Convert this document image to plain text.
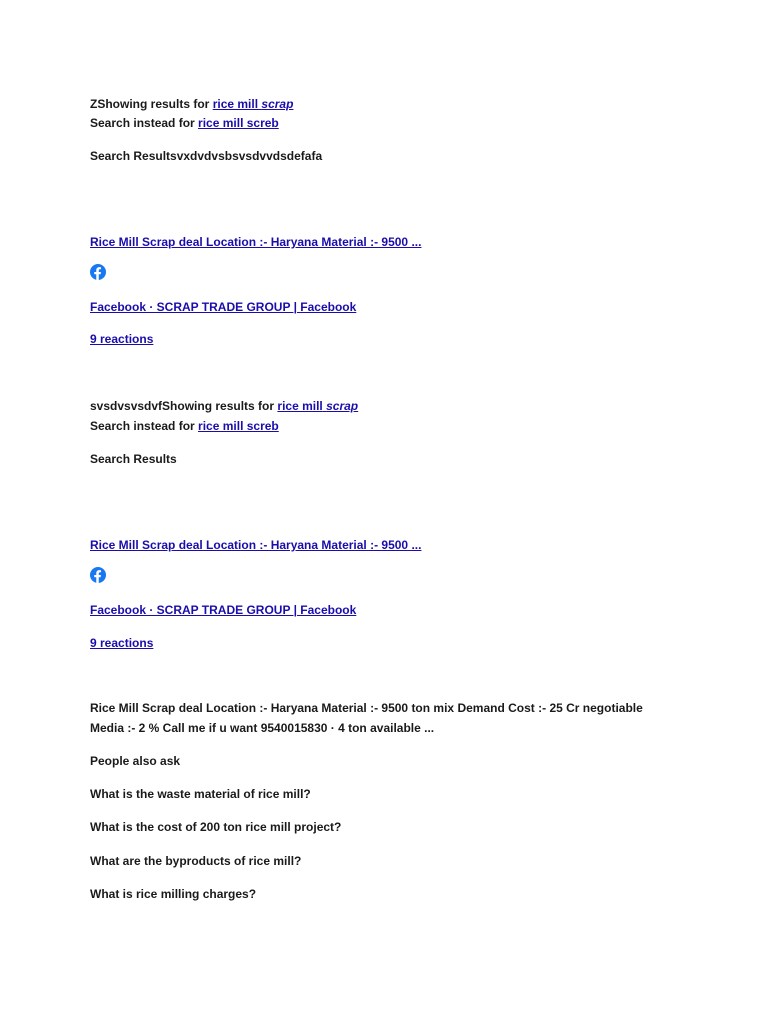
ZShowing results for rice mill scrap
Search instead for rice mill screb
Search Resultsvxdvdvsbsvsdvvdsdefafa
Rice Mill Scrap deal Location :- Haryana Material :- 9500 ...
Facebook · SCRAP TRADE GROUP | Facebook
9 reactions
svsdvsvsdvfShowing results for rice mill scrap
Search instead for rice mill screb
Search Results
Rice Mill Scrap deal Location :- Haryana Material :- 9500 ...
Facebook · SCRAP TRADE GROUP | Facebook
9 reactions
Rice Mill Scrap deal Location :- Haryana Material :- 9500 ton mix Demand Cost :- 25 Cr negotiable Media :- 2 % Call me if u want 9540015830 · 4 ton available ...
People also ask
What is the waste material of rice mill?
What is the cost of 200 ton rice mill project?
What are the byproducts of rice mill?
What is rice milling charges?
